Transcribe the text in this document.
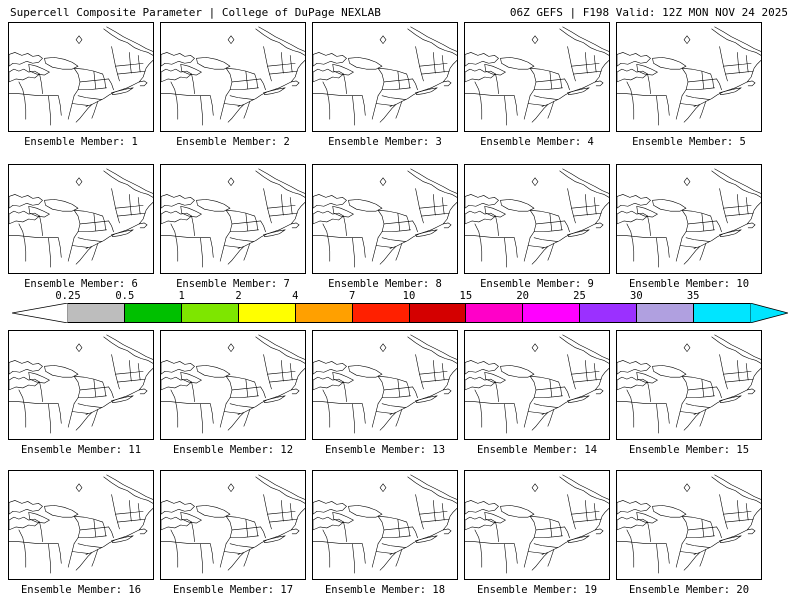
Supercell Composite Parameter | College of DuPage NEXLAB	06Z GEFS | F198 Valid: 12Z MON NOV 24 2025
Ensemble Member: 1	Ensemble Member: 2	Ensemble Member: 3	Ensemble Member: 4	Ensemble Member: 5
Ensemble Member: 6	Ensemble Member: 7	Ensemble Member: 8	Ensemble Member: 9	Ensemble Member: 10
Ensemble Member: 11	Ensemble Member: 12	Ensemble Member: 13	Ensemble Member: 14	Ensemble Member: 15
Ensemble Member: 16	Ensemble Member: 17	Ensemble Member: 18	Ensemble Member: 19	Ensemble Member: 20
0.25	0.5	1	2	4	7	10	15	20	25	30	35
